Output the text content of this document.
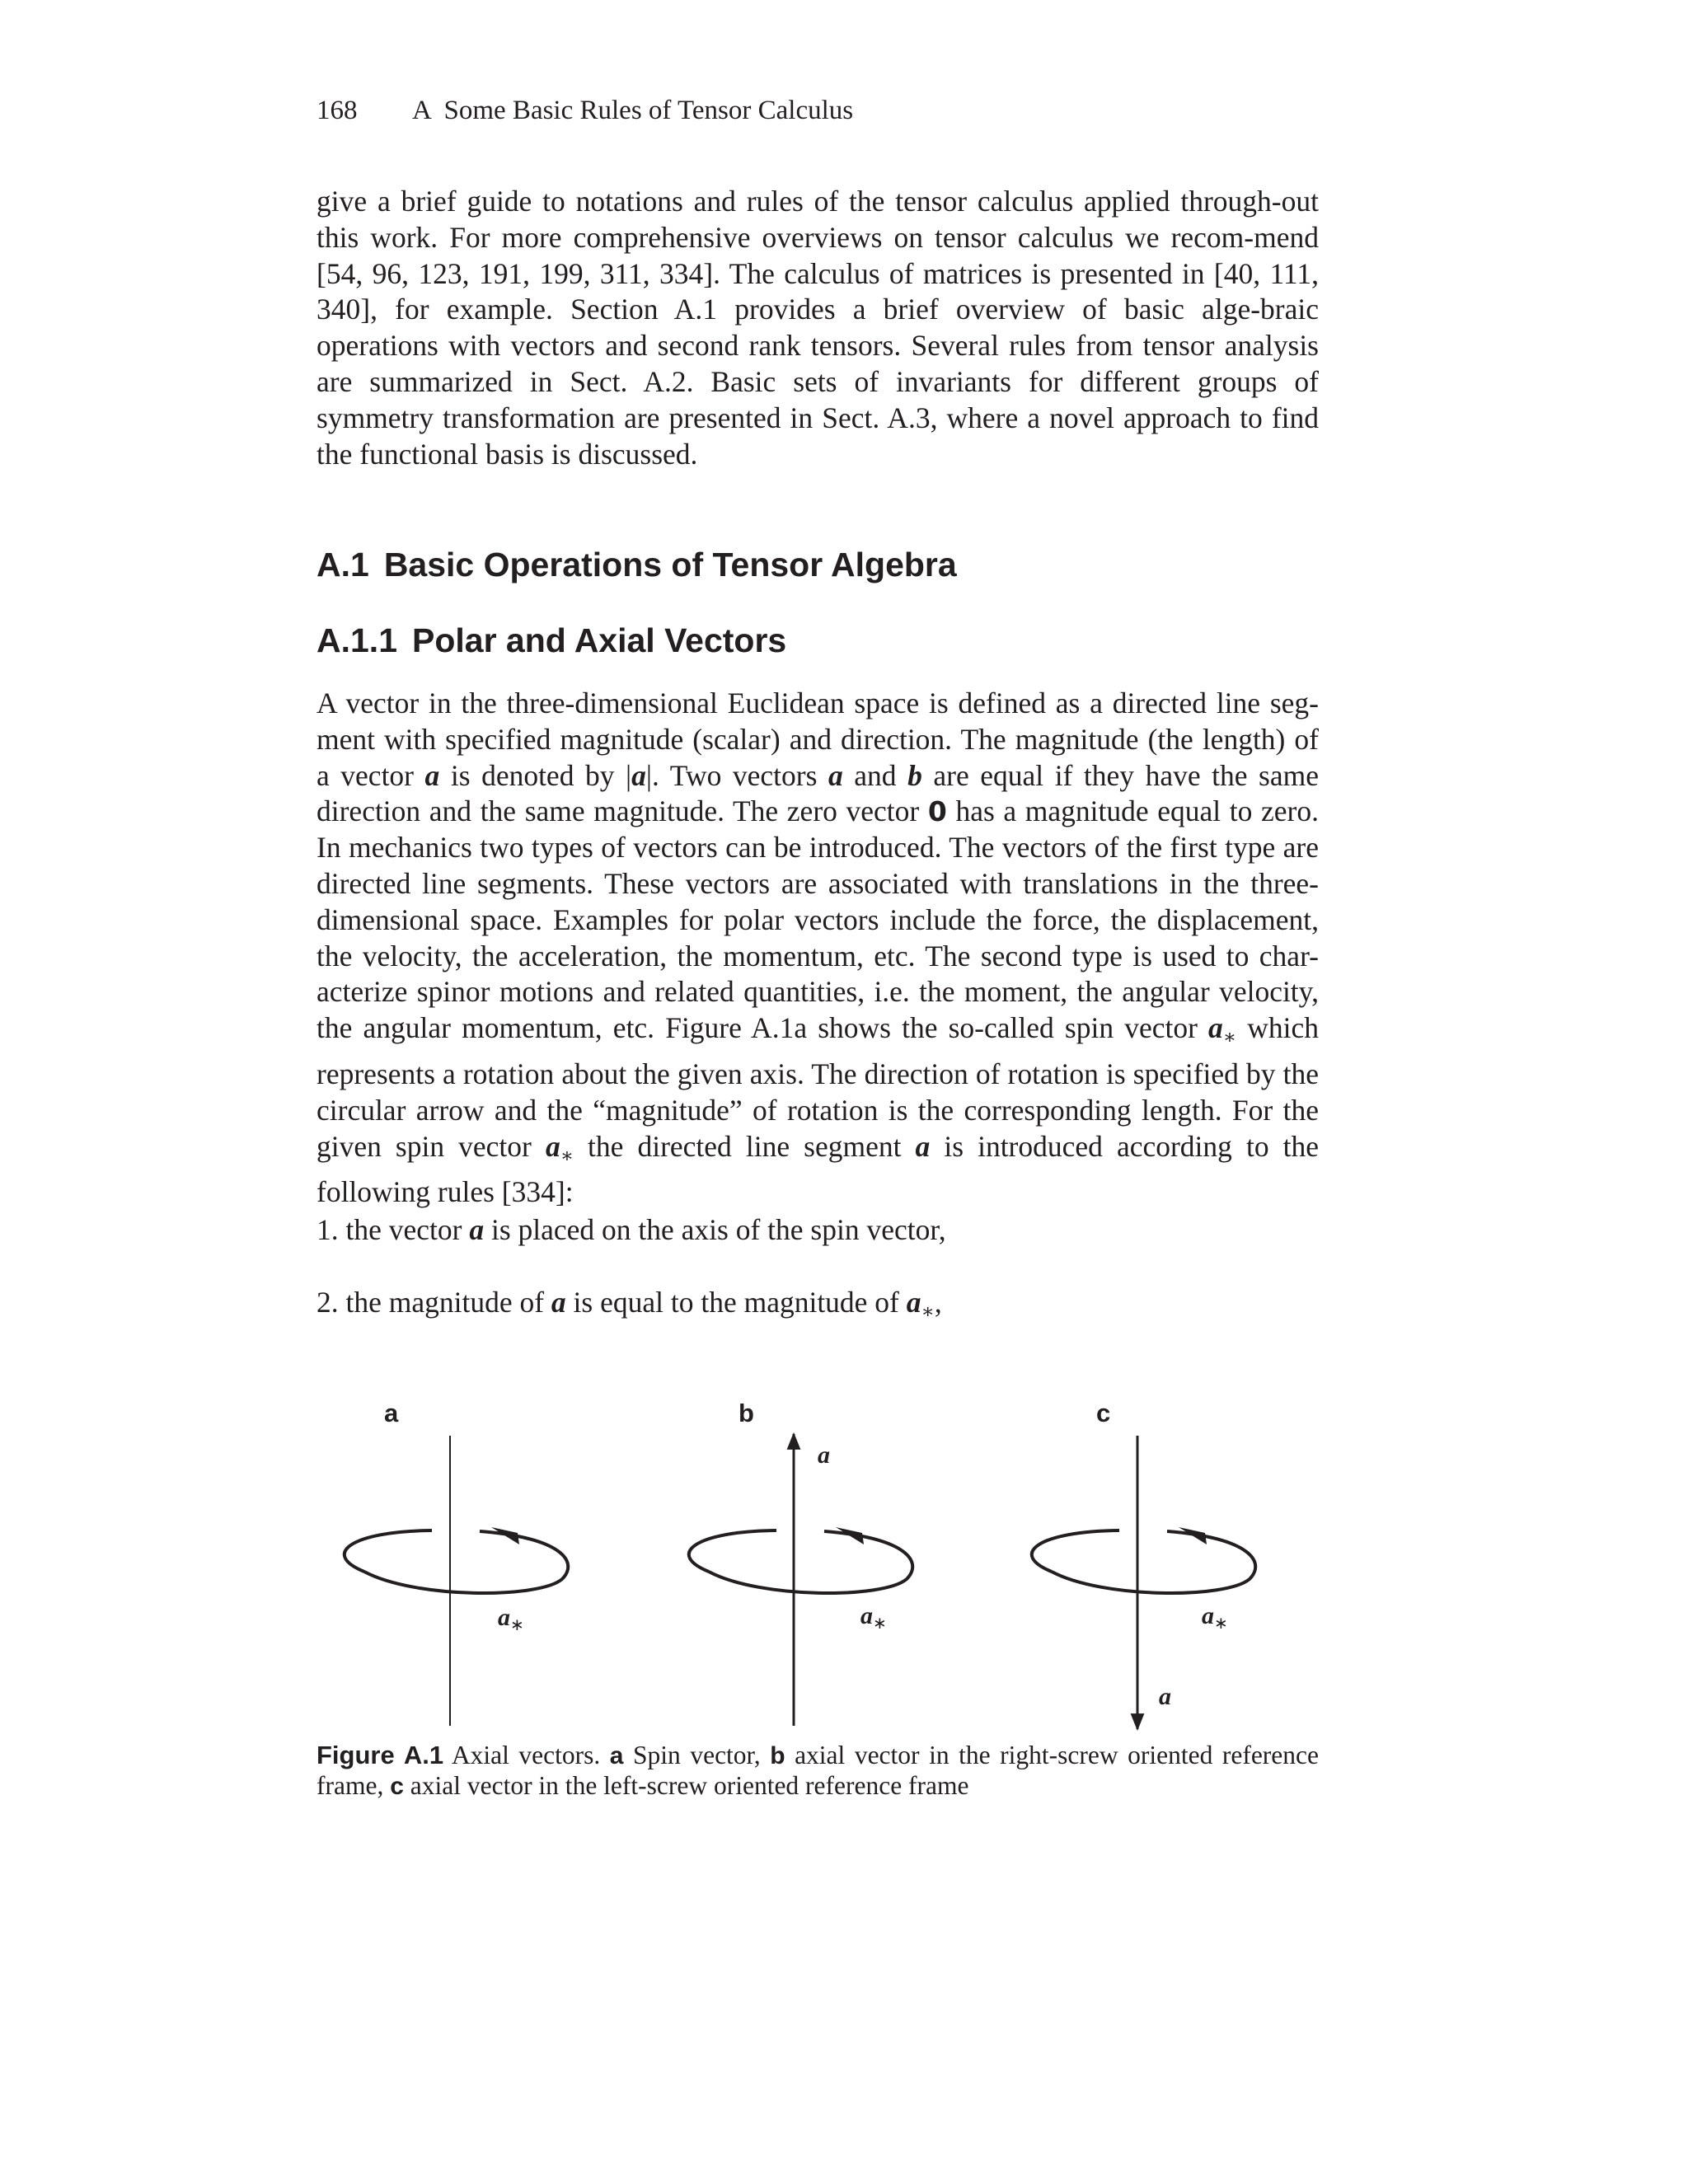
168 A  Some Basic Rules of Tensor Calculus

give a brief guide to notations and rules of the tensor calculus applied through-out this work. For more comprehensive overviews on tensor calculus we recom-mend [54, 96, 123, 191, 199, 311, 334]. The calculus of matrices is presented in [40, 111, 340], for example. Section A.1 provides a brief overview of basic alge-braic operations with vectors and second rank tensors. Several rules from tensor analysis are summarized in Sect. A.2. Basic sets of invariants for different groups of symmetry transformation are presented in Sect. A.3, where a novel approach to find the functional basis is discussed.

A.1 Basic Operations of Tensor Algebra
A.1.1 Polar and Axial Vectors

A vector in the three-dimensional Euclidean space is defined as a directed line seg-ment with specified magnitude (scalar) and direction. The magnitude (the length) of a vector a is denoted by |a|. Two vectors a and b are equal if they have the same direction and the same magnitude. The zero vector 0 has a magnitude equal to zero. In mechanics two types of vectors can be introduced. The vectors of the first type are directed line segments. These vectors are associated with translations in the three-dimensional space. Examples for polar vectors include the force, the displacement, the velocity, the acceleration, the momentum, etc. The second type is used to char-acterize spinor motions and related quantities, i.e. the moment, the angular velocity, the angular momentum, etc. Figure A.1a shows the so-called spin vector $a_∗$ which represents a rotation about the given axis. The direction of rotation is specified by the circular arrow and the “magnitude” of rotation is the corresponding length. For the given spin vector $a_∗$ the directed line segment a is introduced according to the following rules [334]:

1. the vector a is placed on the axis of the spin vector,
2. the magnitude of a is equal to the magnitude of $a_∗$,
a
$a_∗$
b
a
$a_∗$
c
$a_∗$
a
Figure A.1 Axial vectors. a Spin vector, b axial vector in the right-screw oriented reference
frame, c axial vector in the left-screw oriented reference frame
